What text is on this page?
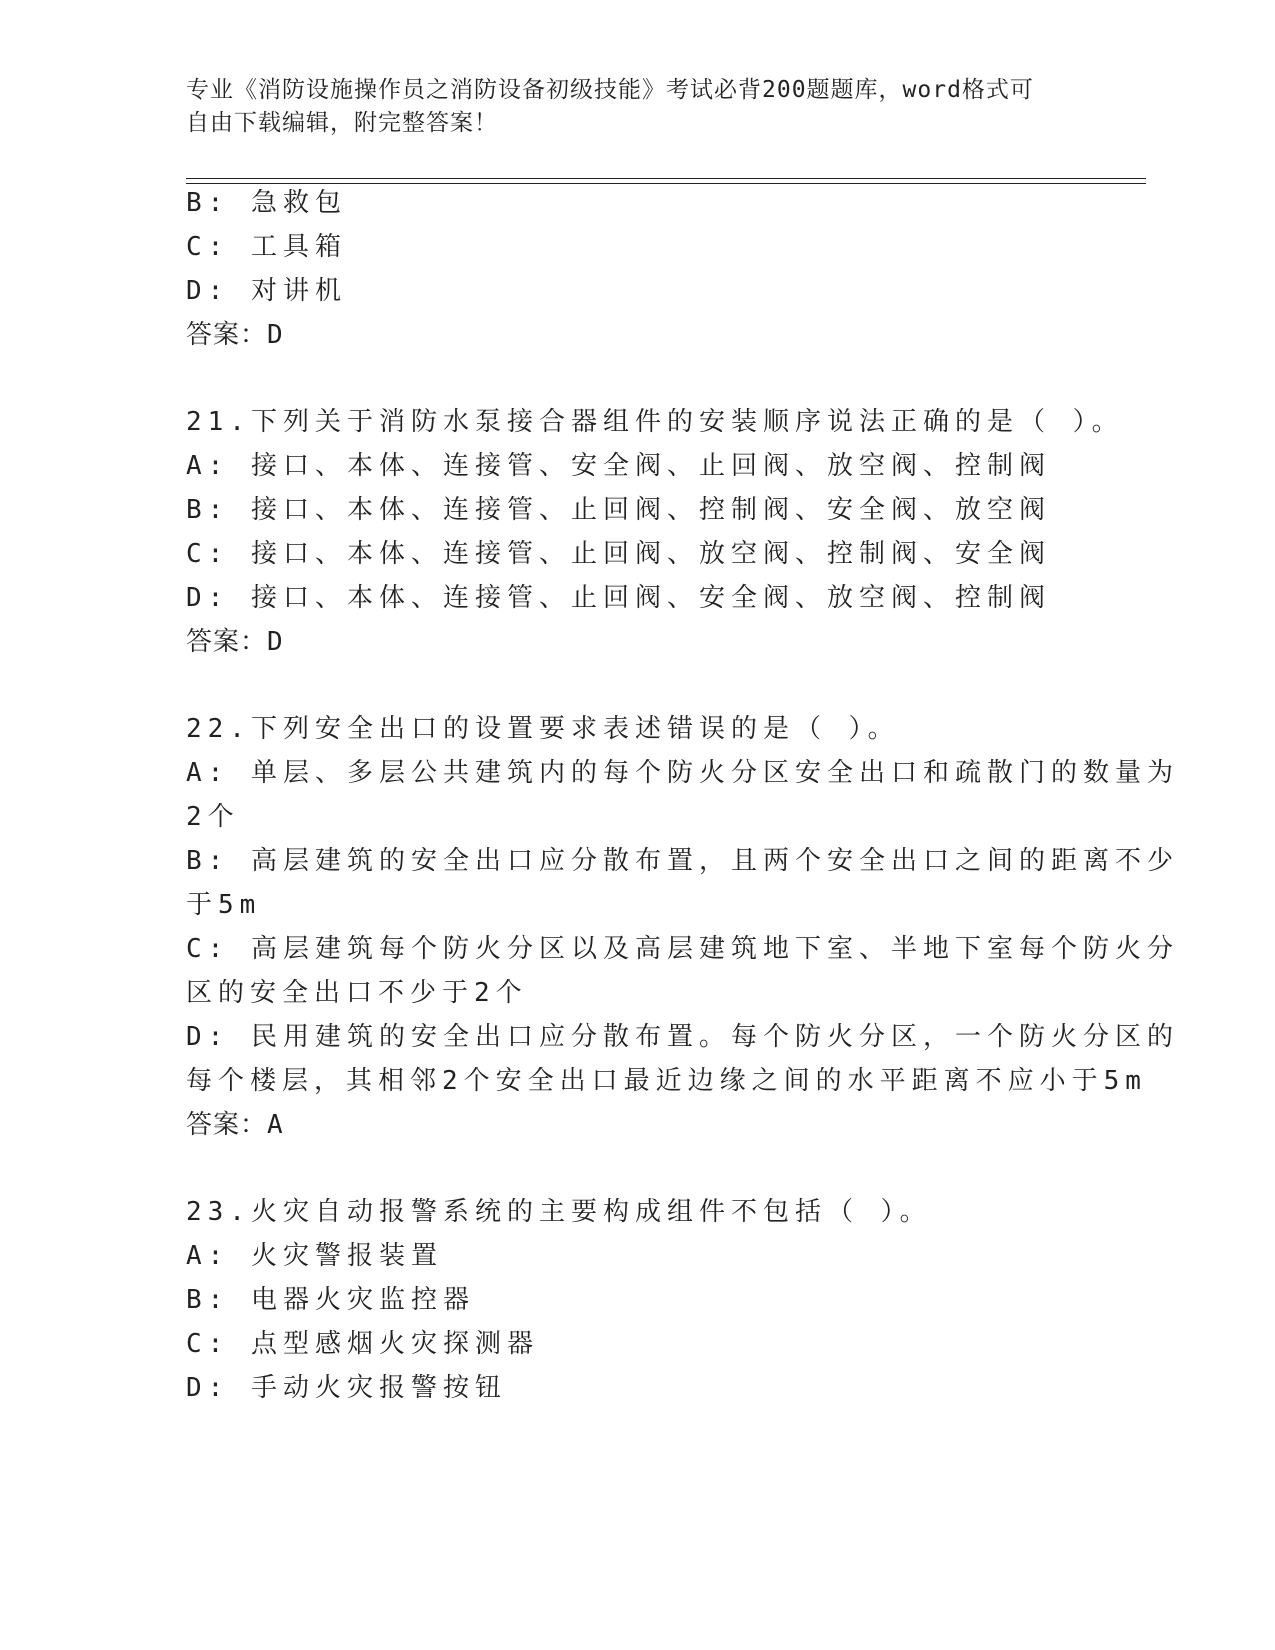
专业《消防设施操作员之消防设备初级技能》考试必背200题题库，word格式可
自由下载编辑，附完整答案！
B: 急救包
C: 工具箱
D: 对讲机
答案：D
21.下列关于消防水泵接合器组件的安装顺序说法正确的是（ ）。
A: 接口、本体、连接管、安全阀、止回阀、放空阀、控制阀
B: 接口、本体、连接管、止回阀、控制阀、安全阀、放空阀
C: 接口、本体、连接管、止回阀、放空阀、控制阀、安全阀
D: 接口、本体、连接管、止回阀、安全阀、放空阀、控制阀
答案：D
22.下列安全出口的设置要求表述错误的是（ ）。
A: 单层、多层公共建筑内的每个防火分区安全出口和疏散门的数量为
2个
B: 高层建筑的安全出口应分散布置，且两个安全出口之间的距离不少
于5m
C: 高层建筑每个防火分区以及高层建筑地下室、半地下室每个防火分
区的安全出口不少于2个
D: 民用建筑的安全出口应分散布置。每个防火分区，一个防火分区的
每个楼层，其相邻2个安全出口最近边缘之间的水平距离不应小于5m
答案：A
23.火灾自动报警系统的主要构成组件不包括（ ）。
A: 火灾警报装置
B: 电器火灾监控器
C: 点型感烟火灾探测器
D: 手动火灾报警按钮
